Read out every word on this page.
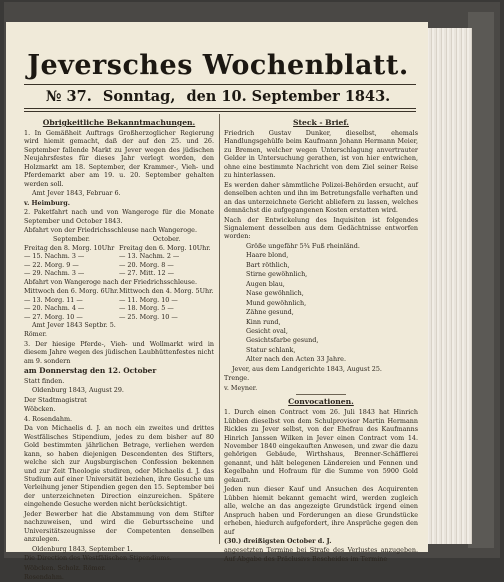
Jeversches Wochenblatt.
№ 37. Sonntag, den 10. September 1843.
Obrigkeitliche Bekanntmachungen.

1. In Gemäßheit Auftrags Großherzoglicher Regierung wird hiemit gemacht, daß der auf den 25. und 26. September fallende Markt zu Jever wegen des jüdischen Neujahrsfestes für dieses Jahr verlegt worden, den Holzmarkt am 18. September, der Krammer-, Vieh- und Pferdemarkt aber am 19. u. 20. September gehalten werden soll.

Amt Jever 1843, Februar 6.

v. Heimburg.

2. Paketfahrt nach und von Wangeroge für die Monate September und October 1843.

Abfahrt von der Friedrichsschleuse nach Wangeroge.

September.	October.
Freitag den 8. Morg. 10Uhr Freitag den 6. Morg. 10Uhr.
— 15. Nachm. 3 —	— 13. Nachm. 2 —
— 22. Morg. 9 —	— 20. Morg. 8 —
— 29. Nachm. 3 —	— 27. Mitt. 12 —

Abfahrt von Wangeroge nach der Friedrichsschleuse.

Mittwoch den 6. Morg. 6Uhr. Mittwoch den 4. Morg. 5Uhr.
— 13. Morg. 11 —	— 11. Morg. 10 —
— 20. Nachm. 4 —	— 18. Morg. 5 —
— 27. Morg. 10 —	— 25. Morg. 10 —

Amt Jever 1843 Septbr. 5.

Römer.

3. Der hiesige Pferde-, Vieh- und Wollmarkt wird in diesem Jahre wegen des jüdischen Laubhüttenfestes nicht am 9. sondern

am Donnerstag den 12. October

Statt finden.

Oldenburg 1843, August 29.

Der Stadtmagistrat

Wöbcken.

4. Rosendahm.

Da von Michaelis d. J. an noch ein zweites und drittes Westfälisches Stipendium, jedes zu dem bisher auf 80 Gold bestimmten jährlichen Betrage, verliehen werden kann, so haben diejenigen Descendenten des Stifters, welche sich zur Augsburgischen Confession bekennen und zur Zeit Theologie studiren, oder Michaelis d. J. das Studium auf einer Universität beziehen, ihre Gesuche um Verleihung jener Stipendien gegen den 15. September bei der unterzeichneten Direction einzureichen. Spätere eingehende Gesuche werden nicht berücksichtigt.

Jeder Bewerber hat die Abstammung von dem Stifter nachzuweisen, und wird die Geburtsscheine und Universitätszeugnisse der Competenten denselben anzulegen.

Oldenburg 1843, September 1.

Die Direction des Westfälischen Stipendiums.

Wöbcken. Scholz. Römer.

Rosendahm.

Steck - Brief.

Friedrich Gustav Dunker, dieselbst, ehemals Handlungsgehülfe beim Kaufmann Johann Hermann Meier, zu Bremen, welcher wegen Unterschlagung anvertrauter Gelder in Untersuchung gerathen, ist von hier entwichen, ohne eine bestimmte Nachricht von dem Ziel seiner Reise zu hinterlassen.

Es werden daher sämmtliche Polizei-Behörden ersucht, auf denselben achten und ihn im Betretungsfalle verhaften und an das unterzeichnete Gericht abliefern zu lassen, welches demnächst die aufgegangenen Kosten erstatten wird.

Nach der Entwickelung des Inquisiten ist folgendes Signalement desselben aus dem Gedächtnisse entworfen worden:

Größe ungefähr 5¾ Fuß rheinländ.

Haare blond,

Bart röthlich,

Stirne gewöhnlich,

Augen blau,

Nase gewöhnlich,

Mund gewöhnlich,

Zähne gesund,

Kinn rund,

Gesicht oval,

Gesichtsfarbe gesund,

Statur schlank,

Alter nach den Acten 33 Jahre.

Jever, aus dem Landgerichte 1843, August 25.

Trenge.

v. Meyner.

Convocationen.

1. Durch einen Contract vom 26. Juli 1843 hat Hinrich Lübben dieselbst von dem Schulprovisor Martin Hermann Rickles zu Jever selbst, von der Ehefrau des Kaufmanns Hinrich Janssen Wilken in Jever einen Contract vom 14. November 1840 eingekauften Anwesen, und zwar die dazu gehörigen Gebäude, Wirthshaus, Brenner-Schäfflerei genannt, und hält belegenen Ländereien und Fennen und Kegelbahn und Hofraum für die Summe von 5900 Gold gekauft.

Jeden nun dieser Kauf und Ansuchen des Acquirenten Lübben hiemit bekannt gemacht wird, werden zugleich alle, welche an das angezeigte Grundstück irgend einen Anspruch haben und Forderungen an diese Grundstücke erheben, hiedurch aufgefordert, ihre Ansprüche gegen den auf

(30.) dreißigsten October d. J.

angesetzten Termine bei Strafe des Verlustes anzugeben. Auf Abgabe des Präclusivs Bescheides im Termine
